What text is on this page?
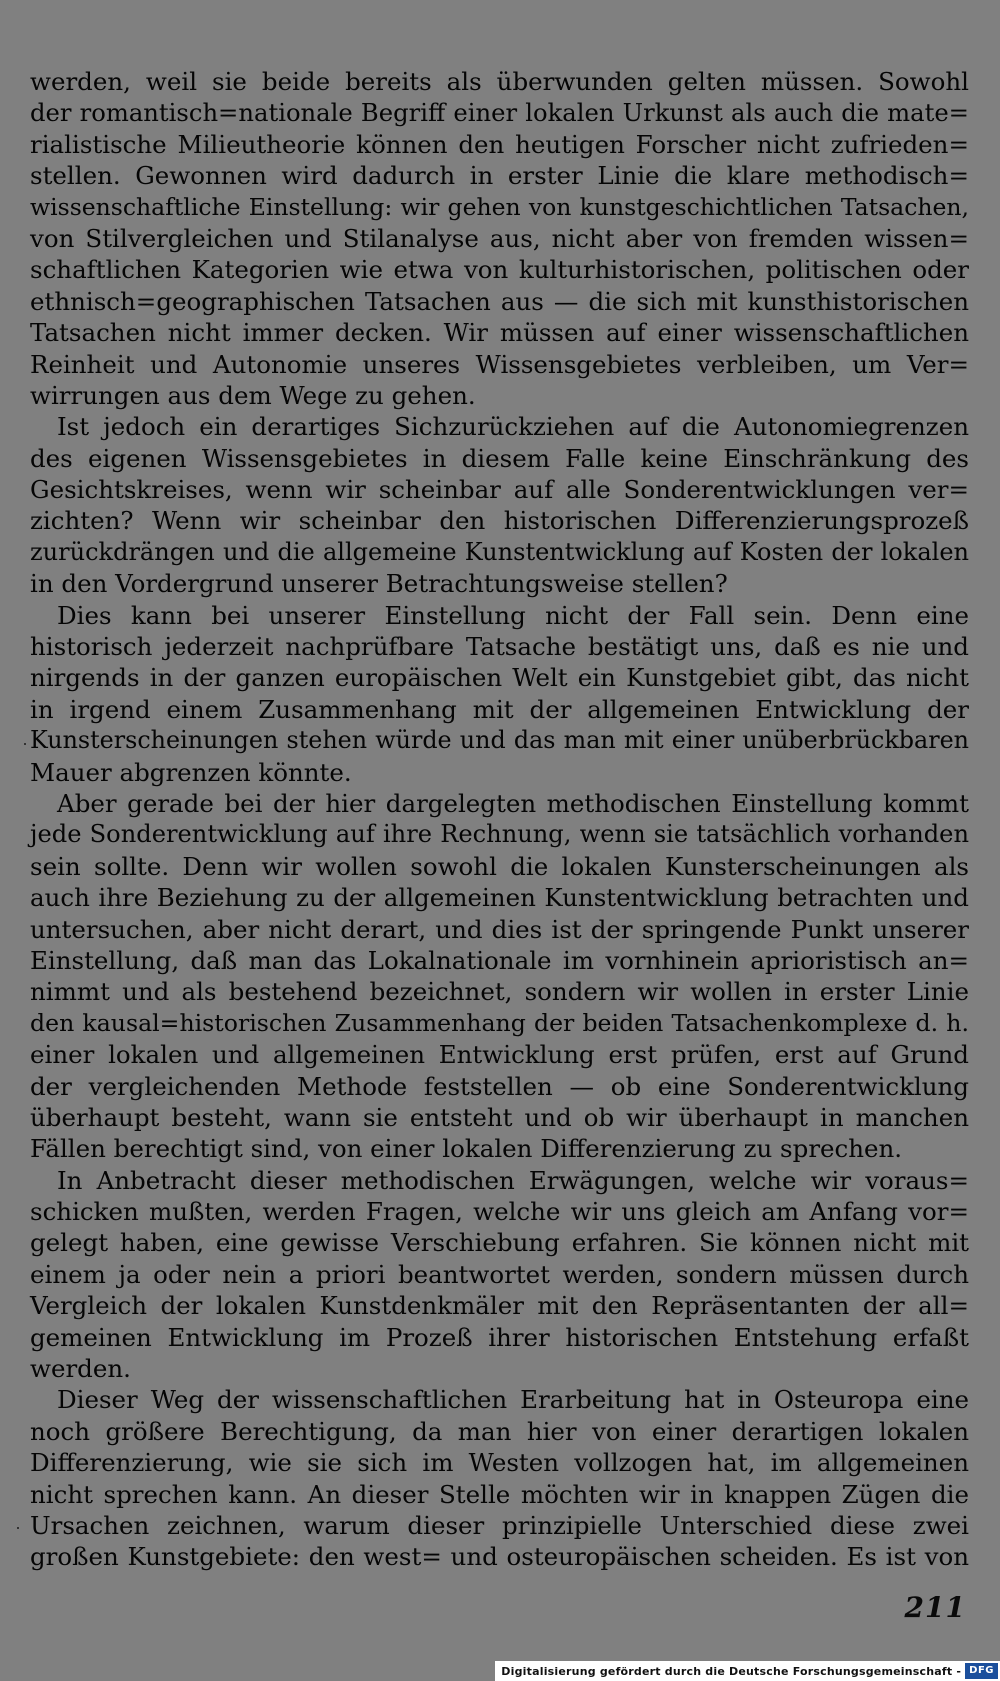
werden, weil sie beide bereits als überwunden gelten müssen. Sowohl
der romantisch=nationale Begriff einer lokalen Urkunst als auch die mate=
rialistische Milieutheorie können den heutigen Forscher nicht zufrieden=
stellen. Gewonnen wird dadurch in erster Linie die klare methodisch=
wissenschaftliche Einstellung: wir gehen von kunstgeschichtlichen Tatsachen,
von Stilvergleichen und Stilanalyse aus, nicht aber von fremden wissen=
schaftlichen Kategorien wie etwa von kulturhistorischen, politischen oder
ethnisch=geographischen Tatsachen aus — die sich mit kunsthistorischen
Tatsachen nicht immer decken. Wir müssen auf einer wissenschaftlichen
Reinheit und Autonomie unseres Wissensgebietes verbleiben, um Ver=
wirrungen aus dem Wege zu gehen.
Ist jedoch ein derartiges Sichzurückziehen auf die Autonomiegrenzen
des eigenen Wissensgebietes in diesem Falle keine Einschränkung des
Gesichtskreises, wenn wir scheinbar auf alle Sonderentwicklungen ver=
zichten? Wenn wir scheinbar den historischen Differenzierungsprozeß
zurückdrängen und die allgemeine Kunstentwicklung auf Kosten der lokalen
in den Vordergrund unserer Betrachtungsweise stellen?
Dies kann bei unserer Einstellung nicht der Fall sein. Denn eine
historisch jederzeit nachprüfbare Tatsache bestätigt uns, daß es nie und
nirgends in der ganzen europäischen Welt ein Kunstgebiet gibt, das nicht
in irgend einem Zusammenhang mit der allgemeinen Entwicklung der
Kunsterscheinungen stehen würde und das man mit einer unüberbrückbaren
Mauer abgrenzen könnte.
Aber gerade bei der hier dargelegten methodischen Einstellung kommt
jede Sonderentwicklung auf ihre Rechnung, wenn sie tatsächlich vorhanden
sein sollte. Denn wir wollen sowohl die lokalen Kunsterscheinungen als
auch ihre Beziehung zu der allgemeinen Kunstentwicklung betrachten und
untersuchen, aber nicht derart, und dies ist der springende Punkt unserer
Einstellung, daß man das Lokalnationale im vornhinein aprioristisch an=
nimmt und als bestehend bezeichnet, sondern wir wollen in erster Linie
den kausal=historischen Zusammenhang der beiden Tatsachenkomplexe d. h.
einer lokalen und allgemeinen Entwicklung erst prüfen, erst auf Grund
der vergleichenden Methode feststellen — ob eine Sonderentwicklung
überhaupt besteht, wann sie entsteht und ob wir überhaupt in manchen
Fällen berechtigt sind, von einer lokalen Differenzierung zu sprechen.
In Anbetracht dieser methodischen Erwägungen, welche wir voraus=
schicken mußten, werden Fragen, welche wir uns gleich am Anfang vor=
gelegt haben, eine gewisse Verschiebung erfahren. Sie können nicht mit
einem ja oder nein a priori beantwortet werden, sondern müssen durch
Vergleich der lokalen Kunstdenkmäler mit den Repräsentanten der all=
gemeinen Entwicklung im Prozeß ihrer historischen Entstehung erfaßt
werden.
Dieser Weg der wissenschaftlichen Erarbeitung hat in Osteuropa eine
noch größere Berechtigung, da man hier von einer derartigen lokalen
Differenzierung, wie sie sich im Westen vollzogen hat, im allgemeinen
nicht sprechen kann. An dieser Stelle möchten wir in knappen Zügen die
Ursachen zeichnen, warum dieser prinzipielle Unterschied diese zwei
großen Kunstgebiete: den west= und osteuropäischen scheiden. Es ist von
211
Digitalisierung gefördert durch die Deutsche Forschungsgemeinschaft - DFG
